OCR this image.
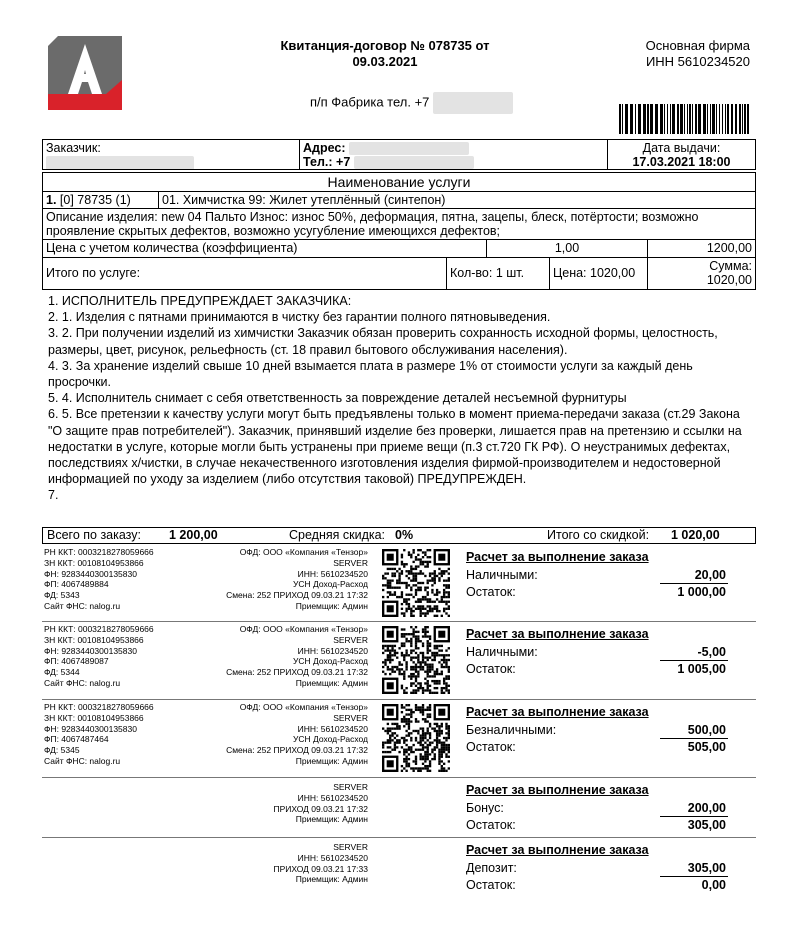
Квитанция-договор № 078735 от
09.03.2021
Основная фирма
ИНН 5610234520
п/п Фабрика тел. +7
Заказчик:	Адрес:
Тел.: +7
Дата выдачи:
17.03.2021 18:00
Наименование услуги
1. [0] 78735 (1)	01. Химчистка 99: Жилет утеплённый (синтепон)
Описание изделия: new 04 Пальто Износ: износ 50%, деформация, пятна, зацепы, блеск, потёртости; возможно проявление скрытых дефектов, возможно усугубление имеющихся дефектов;
Цена с учетом количества (коэффициента)	1,00	1200,00
Итого по услуге:	Кол-во: 1 шт.	Цена: 1020,00	Сумма:
1020,00

1. ИСПОЛНИТЕЛЬ ПРЕДУПРЕЖДАЕТ ЗАКАЗЧИКА:

2. 1. Изделия с пятнами принимаются в чистку без гарантии полного пятновыведения.

3. 2. При получении изделий из химчистки Заказчик обязан проверить сохранность исходной формы, целостность, размеры, цвет, рисунок, рельефность (ст. 18 правил бытового обслуживания населения).

4. 3. За хранение изделий свыше 10 дней взымается плата в размере 1% от стоимости услуги за каждый день просрочки.

5. 4. Исполнитель снимает с себя ответственность за повреждение деталей несъемной фурнитуры

6. 5. Все претензии к качеству услуги могут быть предъявлены только в момент приема-передачи заказа (ст.29 Закона "О защите прав потребителей"). Заказчик, принявший изделие без проверки, лишается прав на претензию и ссылки на недостатки в услуге, которые могли быть устранены при приеме вещи (п.3 ст.720 ГК РФ). О неустранимых дефектах, последствиях х/чистки, в случае некачественного изготовления изделия фирмой-производителем и недостоверной информацией по уходу за изделием (либо отсутствия таковой) ПРЕДУПРЕЖДЕН.

7.

Всего по заказу: 1 200,00	Средняя скидка: 0%	Итого со скидкой: 1 020,00
РН ККТ: 0003218278059666
ЗН ККТ: 00108104953866
ФН: 9283440300135830
ФП: 4067489884
ФД: 5343
Сайт ФНС: nalog.ru
ОФД: ООО «Компания «Тензор»
SERVER
ИНН: 5610234520
УСН Доход-Расход
Смена: 252 ПРИХОД 09.03.21 17:32
Приемщик: Админ
Расчет за выполнение заказа
Наличными:	20,00
Остаток:	1 000,00
РН ККТ: 0003218278059666
ЗН ККТ: 00108104953866
ФН: 9283440300135830
ФП: 4067489087
ФД: 5344
Сайт ФНС: nalog.ru
ОФД: ООО «Компания «Тензор»
SERVER
ИНН: 5610234520
УСН Доход-Расход
Смена: 252 ПРИХОД 09.03.21 17:32
Приемщик: Админ
Расчет за выполнение заказа
Наличными:	-5,00
Остаток:	1 005,00
РН ККТ: 0003218278059666
ЗН ККТ: 00108104953866
ФН: 9283440300135830
ФП: 4067487464
ФД: 5345
Сайт ФНС: nalog.ru
ОФД: ООО «Компания «Тензор»
SERVER
ИНН: 5610234520
УСН Доход-Расход
Смена: 252 ПРИХОД 09.03.21 17:32
Приемщик: Админ
Расчет за выполнение заказа
Безналичными:	500,00
Остаток:	505,00
SERVER
ИНН: 5610234520
ПРИХОД 09.03.21 17:32
Приемщик: Админ
Расчет за выполнение заказа
Бонус:	200,00
Остаток:	305,00
SERVER
ИНН: 5610234520
ПРИХОД 09.03.21 17:33
Приемщик: Админ
Расчет за выполнение заказа
Депозит:	305,00
Остаток:	0,00
